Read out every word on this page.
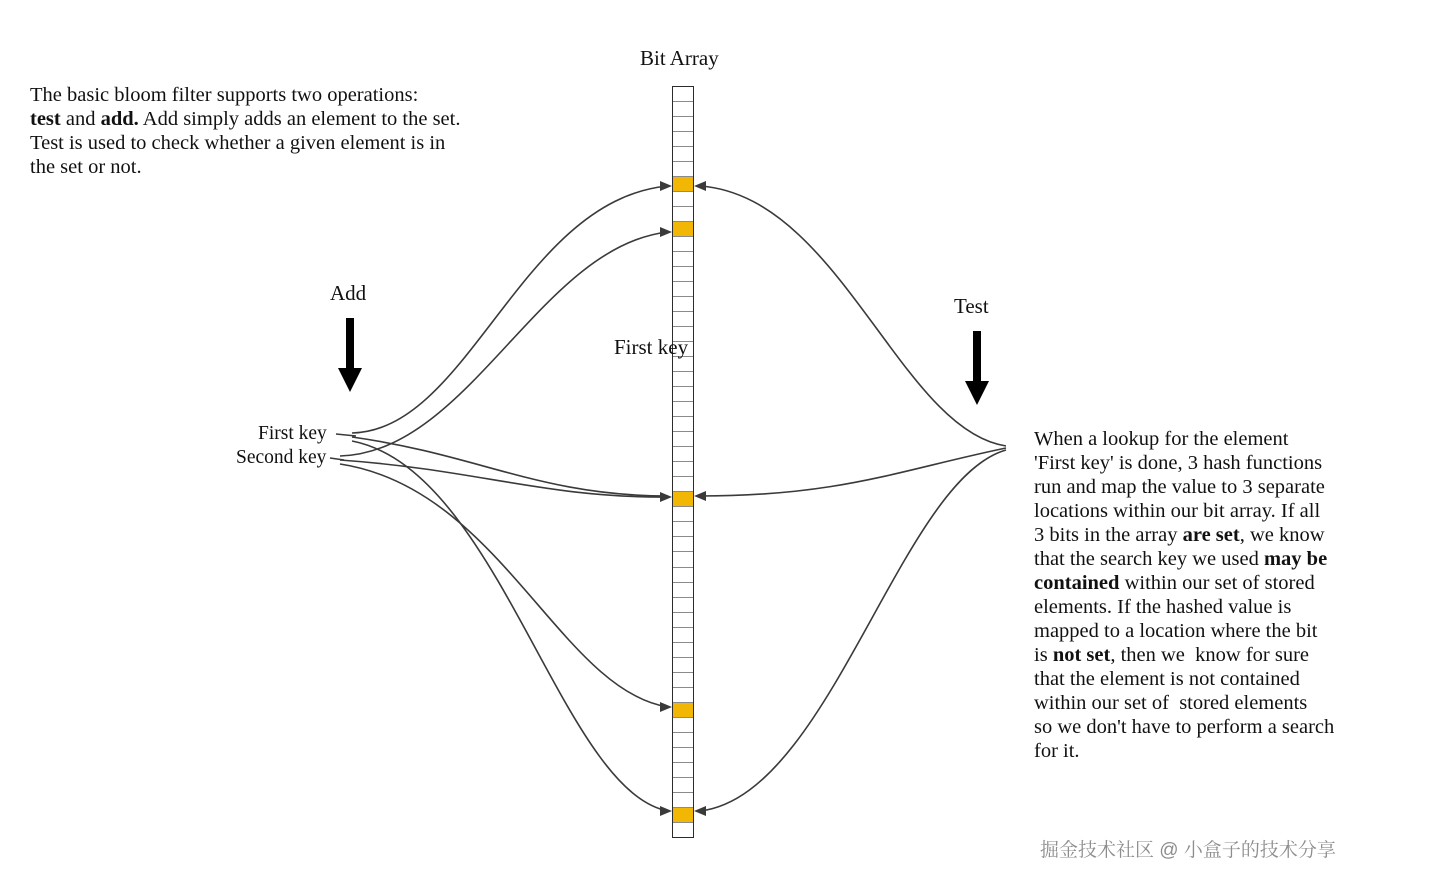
Bit Array
The basic bloom filter supports two operations:
test and add. Add simply adds an element to the set.
Test is used to check whether a given element is in
the set or not.
When a lookup for the element
'First key' is done, 3 hash functions
run and map the value to 3 separate
locations within our bit array. If all
3 bits in the array are set, we know
that the search key we used may be
contained within our set of stored
elements. If the hashed value is
mapped to a location where the bit
is not set, then we  know for sure
that the element is not contained
within our set of  stored elements
so we don't have to perform a search
for it.
Add
Test
First key
First key
Second key
掘金技术社区 @ 小盒子的技术分享
